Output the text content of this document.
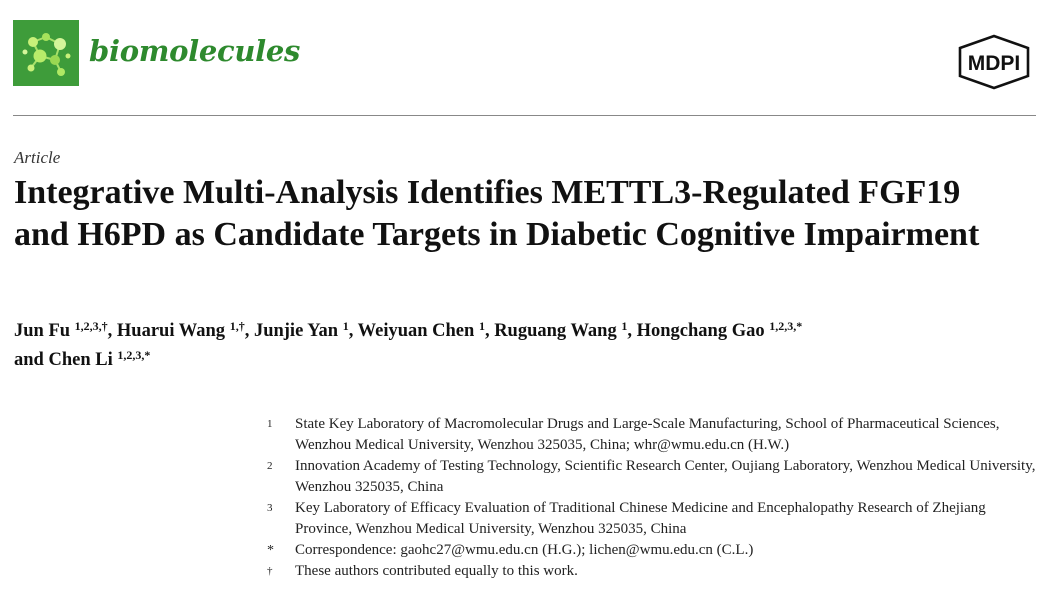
biomolecules	MDPI
Article
Integrative Multi-Analysis Identifies METTL3-Regulated FGF19 and H6PD as Candidate Targets in Diabetic Cognitive Impairment

Jun Fu $^{1,2,3,\dagger}$, Huarui Wang $^{1,\dagger}$, Junjie Yan $^1$, Weiyuan Chen $^1$, Ruguang Wang $^1$, Hongchang Gao $^{1,2,3,*}$
and Chen Li $^{1,2,3,*}$

1	State Key Laboratory of Macromolecular Drugs and Large-Scale Manufacturing, School of Pharmaceutical Sciences, Wenzhou Medical University, Wenzhou 325035, China; whr@wmu.edu.cn (H.W.)
2	Innovation Academy of Testing Technology, Scientific Research Center, Oujiang Laboratory, Wenzhou Medical University, Wenzhou 325035, China
3	Key Laboratory of Efficacy Evaluation of Traditional Chinese Medicine and Encephalopathy Research of Zhejiang Province, Wenzhou Medical University, Wenzhou 325035, China
*	Correspondence: gaohc27@wmu.edu.cn (H.G.); lichen@wmu.edu.cn (C.L.)
†	These authors contributed equally to this work.
